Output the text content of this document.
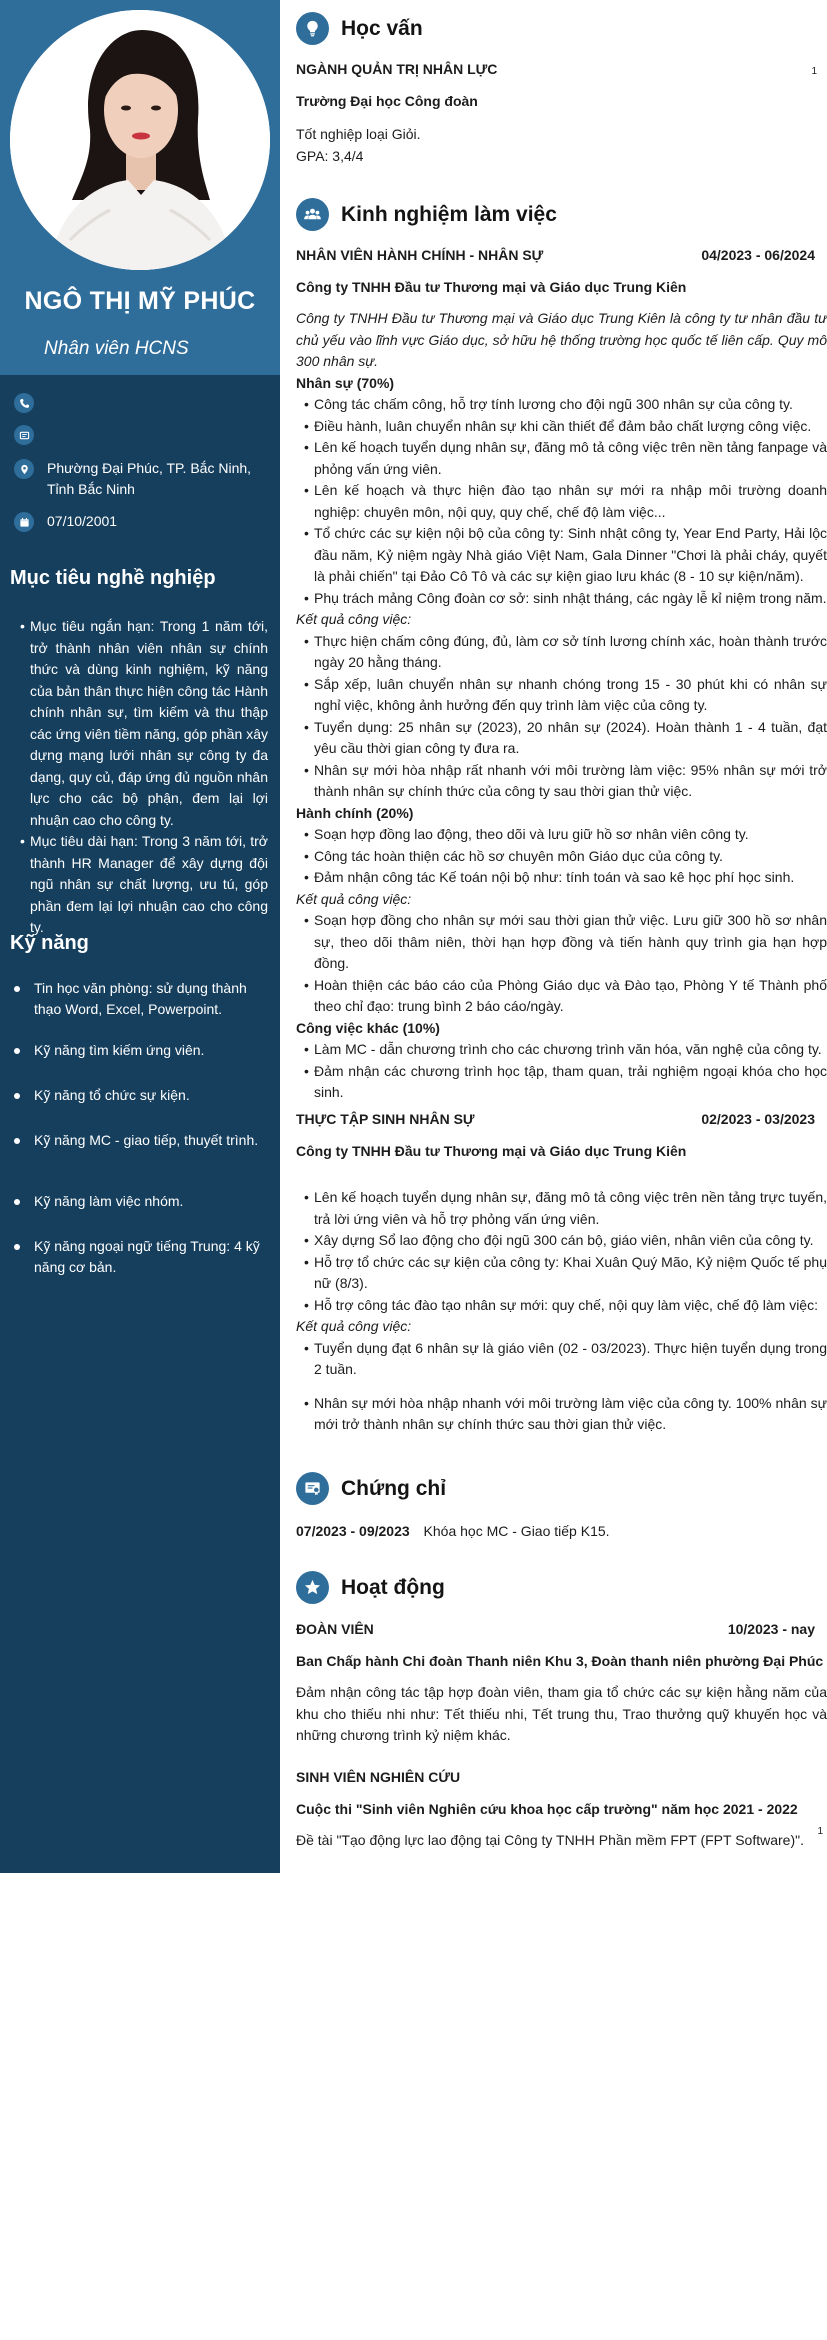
NGÔ THỊ MỸ PHÚC
Nhân viên HCNS
Phường Đại Phúc, TP. Bắc Ninh, Tỉnh Bắc Ninh
07/10/2001
Mục tiêu nghề nghiệp

• Mục tiêu ngắn hạn: Trong 1 năm tới, trở thành nhân viên nhân sự chính thức và dùng kinh nghiệm, kỹ năng của bản thân thực hiện công tác Hành chính nhân sự, tìm kiếm và thu thập các ứng viên tiềm năng, góp phần xây dựng mạng lưới nhân sự công ty đa dạng, quy củ, đáp ứng đủ nguồn nhân lực cho các bộ phận, đem lại lợi nhuận cao cho công ty.

• Mục tiêu dài hạn: Trong 3 năm tới, trở thành HR Manager để xây dựng đội ngũ nhân sự chất lượng, ưu tú, góp phần đem lại lợi nhuận cao cho công ty.

Kỹ năng
Tin học văn phòng: sử dụng thành thạo Word, Excel, Powerpoint.
Kỹ năng tìm kiếm ứng viên.
Kỹ năng tổ chức sự kiện.
Kỹ năng MC - giao tiếp, thuyết trình.
Kỹ năng làm việc nhóm.
Kỹ năng ngoại ngữ tiếng Trung: 4 kỹ năng cơ bản.
Học vấn
NGÀNH QUẢN TRỊ NHÂN LỰC	1
Trường Đại học Công đoàn
Tốt nghiệp loại Giỏi.
GPA: 3,4/4
Kinh nghiệm làm việc
NHÂN VIÊN HÀNH CHÍNH - NHÂN SỰ	04/2023 - 06/2024
Công ty TNHH Đầu tư Thương mại và Giáo dục Trung Kiên
Công ty TNHH Đầu tư Thương mại và Giáo dục Trung Kiên là công ty tư nhân đầu tư chủ yếu vào lĩnh vực Giáo dục, sở hữu hệ thống trường học quốc tế liên cấp. Quy mô 300 nhân sự.
Nhân sự (70%)
• Công tác chấm công, hỗ trợ tính lương cho đội ngũ 300 nhân sự của công ty.
• Điều hành, luân chuyển nhân sự khi cần thiết để đảm bảo chất lượng công việc.
• Lên kế hoạch tuyển dụng nhân sự, đăng mô tả công việc trên nền tảng fanpage và phỏng vấn ứng viên.
• Lên kế hoạch và thực hiện đào tạo nhân sự mới ra nhập môi trường doanh nghiệp: chuyên môn, nội quy, quy chế, chế độ làm việc...
• Tổ chức các sự kiện nội bộ của công ty: Sinh nhật công ty, Year End Party, Hải lộc đầu năm, Kỷ niệm ngày Nhà giáo Việt Nam, Gala Dinner "Chơi là phải cháy, quyết là phải chiến" tại Đảo Cô Tô và các sự kiện giao lưu khác (8 - 10 sự kiện/năm).
• Phụ trách mảng Công đoàn cơ sở: sinh nhật tháng, các ngày lễ kỉ niệm trong năm.
Kết quả công việc:
• Thực hiện chấm công đúng, đủ, làm cơ sở tính lương chính xác, hoàn thành trước ngày 20 hằng tháng.
• Sắp xếp, luân chuyển nhân sự nhanh chóng trong 15 - 30 phút khi có nhân sự nghỉ việc, không ảnh hưởng đến quy trình làm việc của công ty.
• Tuyển dụng: 25 nhân sự (2023), 20 nhân sự (2024). Hoàn thành 1 - 4 tuần, đạt yêu cầu thời gian công ty đưa ra.
• Nhân sự mới hòa nhập rất nhanh với môi trường làm việc: 95% nhân sự mới trở thành nhân sự chính thức của công ty sau thời gian thử việc.
Hành chính (20%)
• Soạn hợp đồng lao động, theo dõi và lưu giữ hồ sơ nhân viên công ty.
• Công tác hoàn thiện các hồ sơ chuyên môn Giáo dục của công ty.
• Đảm nhận công tác Kế toán nội bộ như: tính toán và sao kê học phí học sinh.
Kết quả công việc:
• Soạn hợp đồng cho nhân sự mới sau thời gian thử việc. Lưu giữ 300 hồ sơ nhân sự, theo dõi thâm niên, thời hạn hợp đồng và tiến hành quy trình gia hạn hợp đồng.
• Hoàn thiện các báo cáo của Phòng Giáo dục và Đào tạo, Phòng Y tế Thành phố theo chỉ đạo: trung bình 2 báo cáo/ngày.
Công việc khác (10%)
• Làm MC - dẫn chương trình cho các chương trình văn hóa, văn nghệ của công ty.
• Đảm nhận các chương trình học tập, tham quan, trải nghiệm ngoại khóa cho học sinh.
THỰC TẬP SINH NHÂN SỰ	02/2023 - 03/2023
Công ty TNHH Đầu tư Thương mại và Giáo dục Trung Kiên
• Lên kế hoạch tuyển dụng nhân sự, đăng mô tả công việc trên nền tảng trực tuyến, trả lời ứng viên và hỗ trợ phỏng vấn ứng viên.
• Xây dựng Sổ lao động cho đội ngũ 300 cán bộ, giáo viên, nhân viên của công ty.
• Hỗ trợ tổ chức các sự kiện của công ty: Khai Xuân Quý Mão, Kỷ niệm Quốc tế phụ nữ (8/3).
• Hỗ trợ công tác đào tạo nhân sự mới: quy chế, nội quy làm việc, chế độ làm việc:
Kết quả công việc:
• Tuyển dụng đạt 6 nhân sự là giáo viên (02 - 03/2023). Thực hiện tuyển dụng trong 2 tuần.
• Nhân sự mới hòa nhập nhanh với môi trường làm việc của công ty. 100% nhân sự mới trở thành nhân sự chính thức sau thời gian thử việc.
Chứng chỉ
07/2023 - 09/2023 Khóa học MC - Giao tiếp K15.
Hoạt động
ĐOÀN VIÊN	10/2023 - nay
Ban Chấp hành Chi đoàn Thanh niên Khu 3, Đoàn thanh niên phường Đại Phúc
Đảm nhận công tác tập hợp đoàn viên, tham gia tổ chức các sự kiện hằng năm của khu cho thiếu nhi như: Tết thiếu nhi, Tết trung thu, Trao thưởng quỹ khuyến học và những chương trình kỷ niệm khác.
SINH VIÊN NGHIÊN CỨU
Cuộc thi "Sinh viên Nghiên cứu khoa học cấp trường" năm học 2021 - 2022
Đề tài "Tạo động lực lao động tại Công ty TNHH Phần mềm FPT (FPT Software)".
1
